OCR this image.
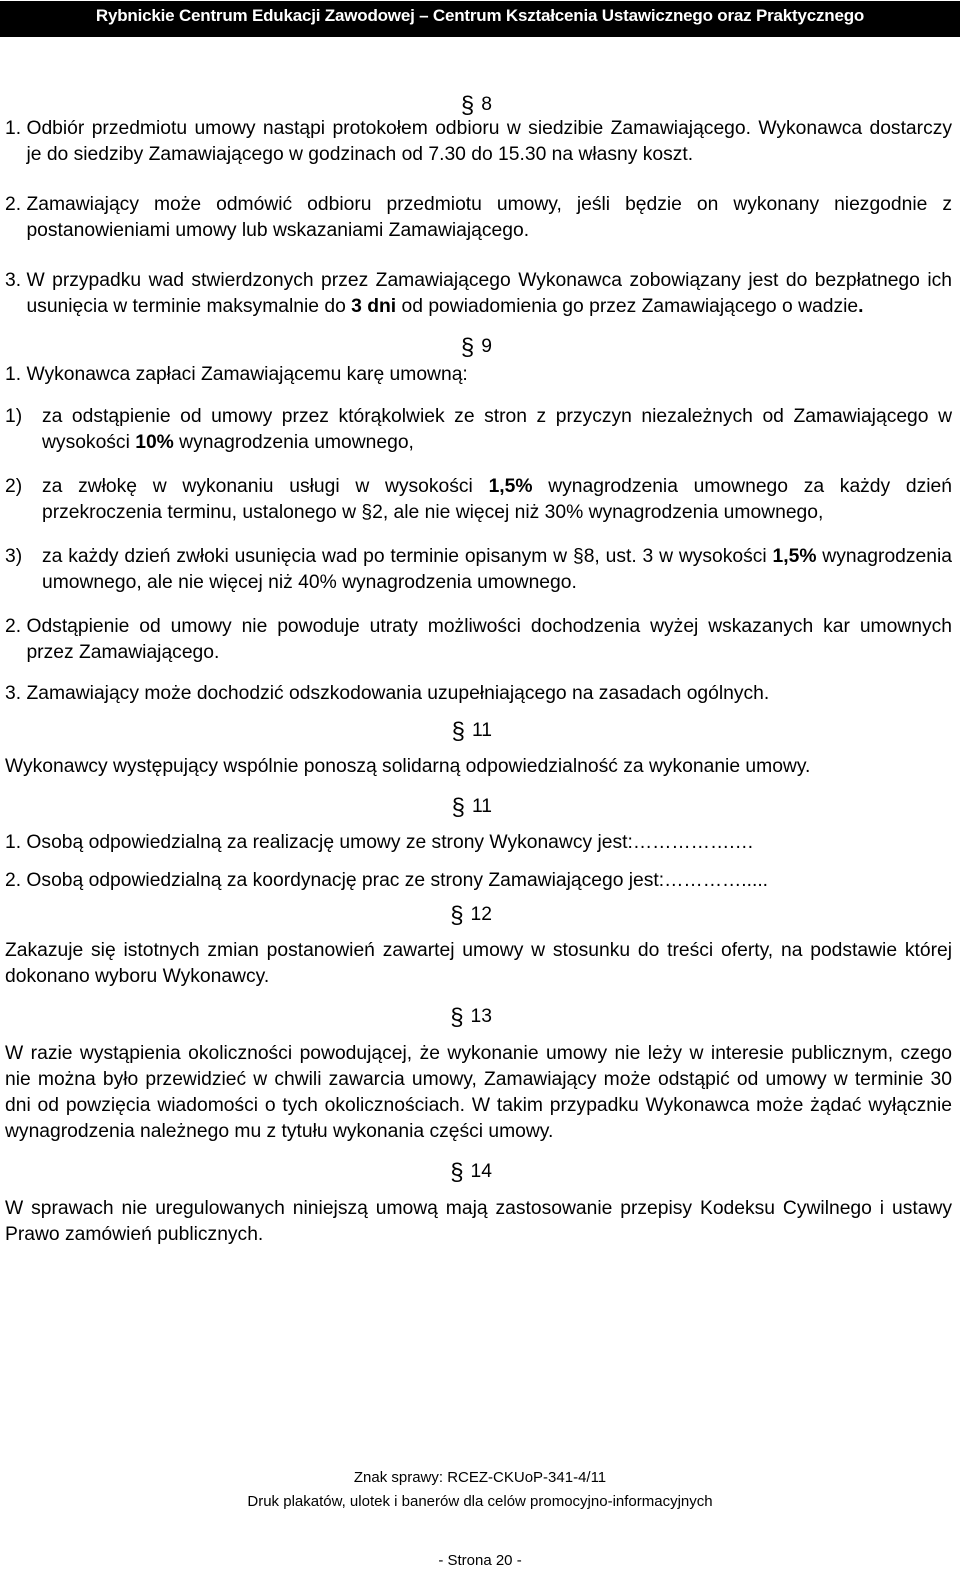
Rybnickie Centrum Edukacji Zawodowej – Centrum Kształcenia Ustawicznego oraz Praktycznego
§ 8
1.
Odbiór przedmiotu umowy nastąpi protokołem odbioru w siedzibie Zamawiającego. Wykonawca dostarczy je do siedziby Zamawiającego w godzinach od 7.30 do 15.30 na własny koszt.
2.
Zamawiający może odmówić odbioru przedmiotu umowy, jeśli będzie on wykonany niezgodnie z postanowieniami umowy lub wskazaniami Zamawiającego.
3.
W przypadku wad stwierdzonych przez Zamawiającego Wykonawca zobowiązany jest do bezpłatnego ich usunięcia w terminie maksymalnie do 3 dni od powiadomienia go przez Zamawiającego o wadzie.
§ 9
1.
Wykonawca zapłaci Zamawiającemu karę umowną:
1)	za odstąpienie od umowy przez którąkolwiek ze stron z przyczyn niezależnych od Zamawiającego w wysokości 10% wynagrodzenia umownego,
2)	za zwłokę w wykonaniu usługi w wysokości 1,5% wynagrodzenia umownego za każdy dzień przekroczenia terminu, ustalonego w §2, ale nie więcej niż 30% wynagrodzenia umownego,
3)	za każdy dzień zwłoki usunięcia wad po terminie opisanym w §8, ust. 3 w wysokości 1,5% wynagrodzenia umownego, ale nie więcej niż 40% wynagrodzenia umownego.
2.
Odstąpienie od umowy nie powoduje utraty możliwości dochodzenia wyżej wskazanych kar umownych przez Zamawiającego.
3.
Zamawiający może dochodzić odszkodowania uzupełniającego na zasadach ogólnych.
§ 11

Wykonawcy występujący wspólnie ponoszą solidarną odpowiedzialność za wykonanie umowy.

§ 11

1. Osobą odpowiedzialną za realizację umowy ze strony Wykonawcy jest:…………….…

2. Osobą odpowiedzialną za koordynację prac ze strony Zamawiającego jest:………….....

§ 12

Zakazuje się istotnych zmian postanowień zawartej umowy w stosunku do treści oferty, na podstawie której dokonano wyboru Wykonawcy.

§ 13

W razie wystąpienia okoliczności powodującej, że wykonanie umowy nie leży w interesie publicznym, czego nie można było przewidzieć w chwili zawarcia umowy, Zamawiający może odstąpić od umowy w terminie 30 dni od powzięcia wiadomości o tych okolicznościach. W takim przypadku Wykonawca może żądać wyłącznie wynagrodzenia należnego mu z tytułu wykonania części umowy.

§ 14

W sprawach nie uregulowanych niniejszą umową mają zastosowanie przepisy Kodeksu Cywilnego i ustawy Prawo zamówień publicznych.

Znak sprawy: RCEZ-CKUoP-341-4/11
Druk plakatów, ulotek i banerów dla celów promocyjno-informacyjnych
- Strona 20 -
